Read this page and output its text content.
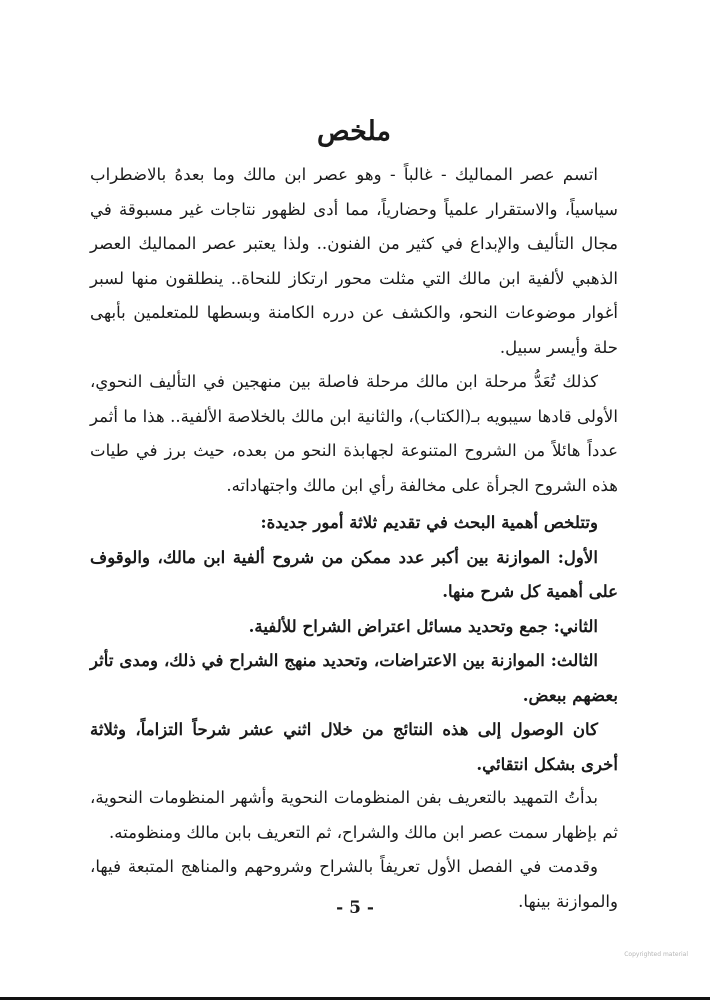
ملخص

اتسم عصر المماليك - غالباً - وهو عصر ابن مالك وما بعدهُ بالاضطراب سياسياً، والاستقرار علمياً وحضارياً، مما أدى لظهور نتاجات غير مسبوقة في مجال التأليف والإبداع في كثير من الفنون.. ولذا يعتبر عصر المماليك العصر الذهبي لألفية ابن مالك التي مثلت محور ارتكاز للنحاة.. ينطلقون منها لسبر أغوار موضوعات النحو، والكشف عن درره الكامنة وبسطها للمتعلمين بأبهى حلة وأيسر سبيل.

كذلك تُعَدُّ مرحلة ابن مالك مرحلة فاصلة بين منهجين في التأليف النحوي، الأولى قادها سيبويه بـ(الكتاب)، والثانية ابن مالك بالخلاصة الألفية.. هذا ما أثمر عدداً هائلاً من الشروح المتنوعة لجهابذة النحو من بعده، حيث برز في طيات هذه الشروح الجرأة على مخالفة رأي ابن مالك واجتهاداته.

وتتلخص أهمية البحث في تقديم ثلاثة أمور جديدة:

الأول: الموازنة بين أكبر عدد ممكن من شروح ألفية ابن مالك، والوقوف على أهمية كل شرح منها.

الثاني: جمع وتحديد مسائل اعتراض الشراح للألفية.

الثالث: الموازنة بين الاعتراضات، وتحديد منهج الشراح في ذلك، ومدى تأثر بعضهم ببعض.

كان الوصول إلى هذه النتائج من خلال اثني عشر شرحاً التزاماً، وثلاثة أخرى بشكل انتقائي.

بدأتُ التمهيد بالتعريف بفن المنظومات النحوية وأشهر المنظومات النحوية، ثم بإظهار سمت عصر ابن مالك والشراح، ثم التعريف بابن مالك ومنظومته.

وقدمت في الفصل الأول تعريفاً بالشراح وشروحهم والمناهج المتبعة فيها، والموازنة بينها.

- 5 -
Copyrighted material
